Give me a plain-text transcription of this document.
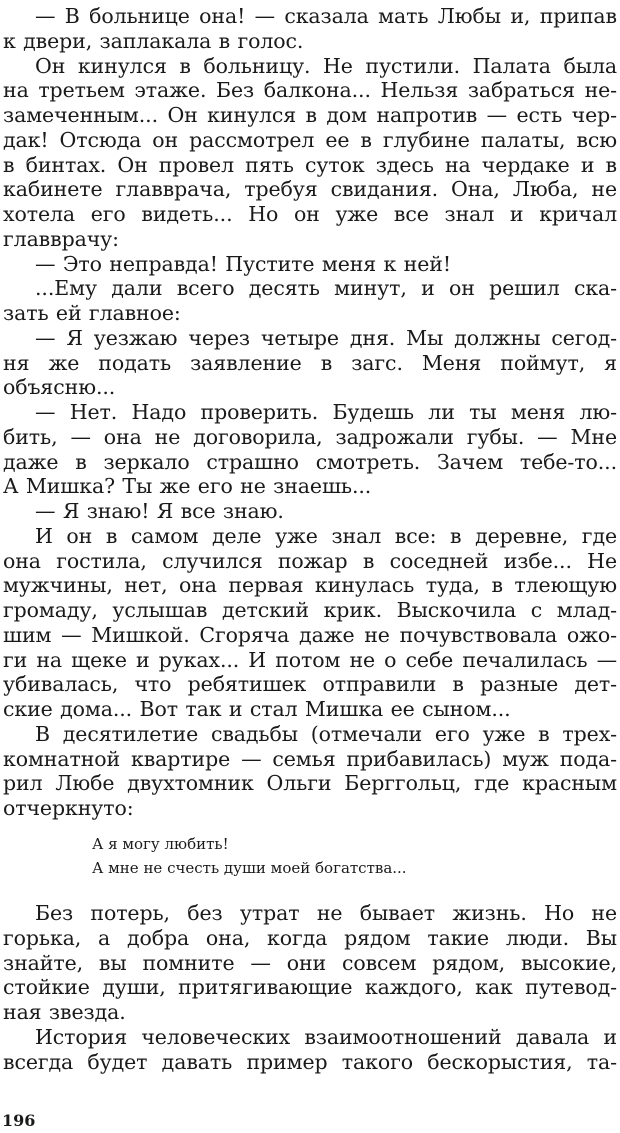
— В больнице она! — сказала мать Любы и, припав
к двери, заплакала в голос.
Он кинулся в больницу. Не пустили. Палата была
на третьем этаже. Без балкона... Нельзя забраться не-
замеченным... Он кинулся в дом напротив — есть чер-
дак! Отсюда он рассмотрел ее в глубине палаты, всю
в бинтах. Он провел пять суток здесь на чердаке и в
кабинете главврача, требуя свидания. Она, Люба, не
хотела его видеть... Но он уже все знал и кричал
главврачу:
— Это неправда! Пустите меня к ней!
...Ему дали всего десять минут, и он решил ска-
зать ей главное:
— Я уезжаю через четыре дня. Мы должны сегод-
ня же подать заявление в загс. Меня поймут, я
объясню...
— Нет. Надо проверить. Будешь ли ты меня лю-
бить, — она не договорила, задрожали губы. — Мне
даже в зеркало страшно смотреть. Зачем тебе-то...
А Мишка? Ты же его не знаешь...
— Я знаю! Я все знаю.
И он в самом деле уже знал все: в деревне, где
она гостила, случился пожар в соседней избе... Не
мужчины, нет, она первая кинулась туда, в тлеющую
громаду, услышав детский крик. Выскочила с млад-
шим — Мишкой. Сгоряча даже не почувствовала ожо-
ги на щеке и руках... И потом не о себе печалилась —
убивалась, что ребятишек отправили в разные дет-
ские дома... Вот так и стал Мишка ее сыном...
В десятилетие свадьбы (отмечали его уже в трех-
комнатной квартире — семья прибавилась) муж пода-
рил Любе двухтомник Ольги Берггольц, где красным
отчеркнуто:
А я могу любить!
А мне не счесть души моей богатства...
Без потерь, без утрат не бывает жизнь. Но не
горька, а добра она, когда рядом такие люди. Вы
знайте, вы помните — они совсем рядом, высокие,
стойкие души, притягивающие каждого, как путевод-
ная звезда.
История человеческих взаимоотношений давала и
всегда будет давать пример такого бескорыстия, та-
196
